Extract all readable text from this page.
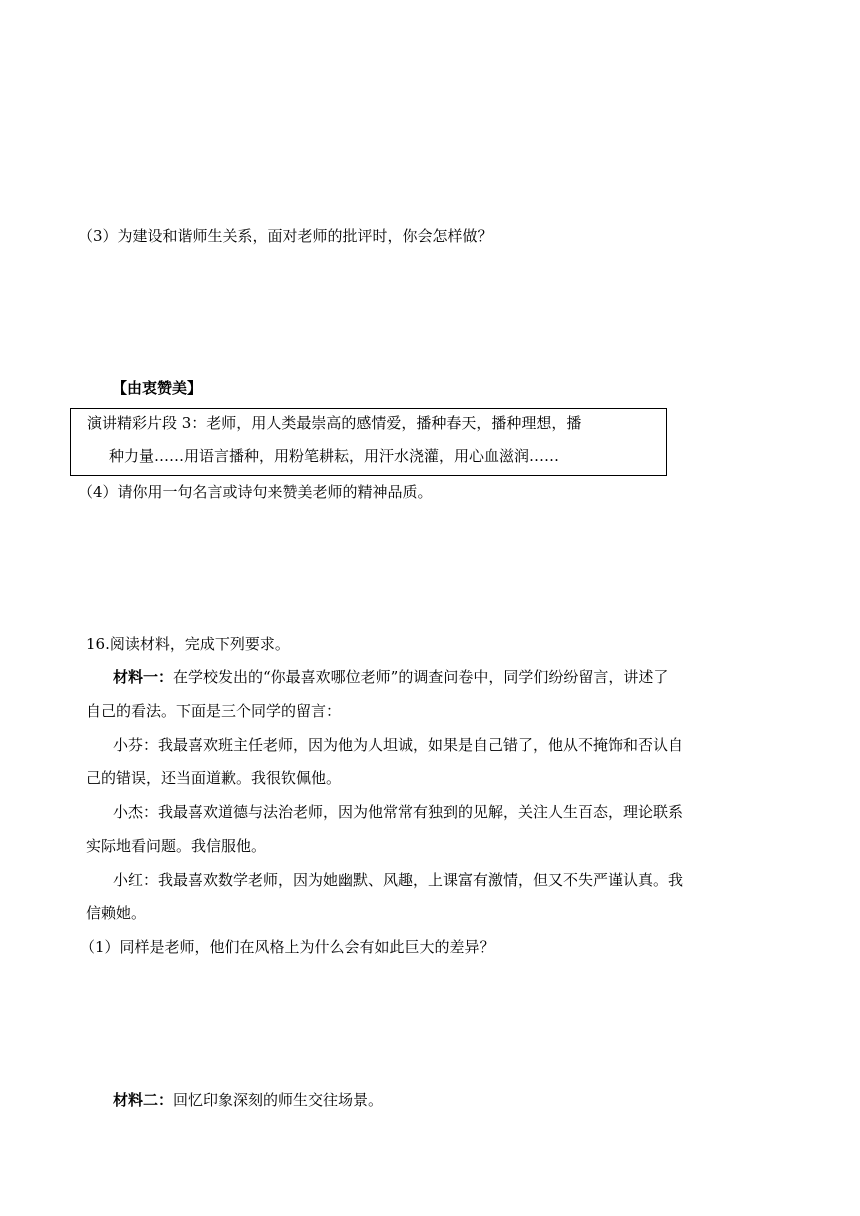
（3）为建设和谐师生关系，面对老师的批评时，你会怎样做？
【由衷赞美】
演讲精彩片段 3：老师，用人类最崇高的感情爱，播种春天，播种理想，播
种力量……用语言播种，用粉笔耕耘，用汗水浇灌，用心血滋润……
（4）请你用一句名言或诗句来赞美老师的精神品质。
16.阅读材料，完成下列要求。
材料一：在学校发出的“你最喜欢哪位老师”的调查问卷中，同学们纷纷留言，讲述了
自己的看法。下面是三个同学的留言：
小芬：我最喜欢班主任老师，因为他为人坦诚，如果是自己错了，他从不掩饰和否认自
己的错误，还当面道歉。我很钦佩他。
小杰：我最喜欢道德与法治老师，因为他常常有独到的见解，关注人生百态，理论联系
实际地看问题。我信服他。
小红：我最喜欢数学老师，因为她幽默、风趣，上课富有激情，但又不失严谨认真。我
信赖她。
（1）同样是老师，他们在风格上为什么会有如此巨大的差异？
材料二：回忆印象深刻的师生交往场景。
